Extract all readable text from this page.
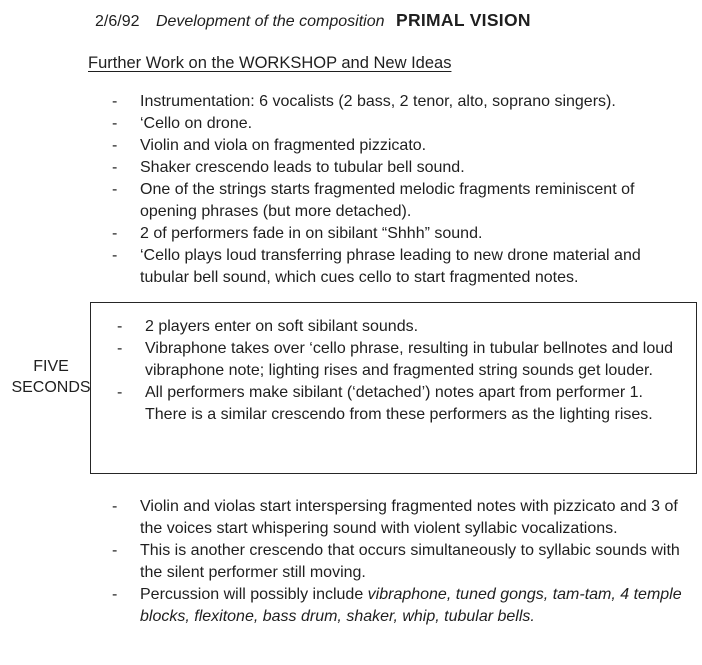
2/6/92 Development of the composition PRIMAL VISION
Further Work on the WORKSHOP and New Ideas
-	Instrumentation: 6 vocalists (2 bass, 2 tenor, alto, soprano singers).
-	‘Cello on drone.
-	Violin and viola on fragmented pizzicato.
-	Shaker crescendo leads to tubular bell sound.
-	One of the strings starts fragmented melodic fragments reminiscent of opening phrases (but more detached).
-	2 of performers fade in on sibilant “Shhh” sound.
-	‘Cello plays loud transferring phrase leading to new drone material and tubular bell sound, which cues cello to start fragmented notes.
-	2 players enter on soft sibilant sounds.
-	Vibraphone takes over ‘cello phrase, resulting in tubular bellnotes and loud vibraphone note; lighting rises and fragmented string sounds get louder.
-	All performers make sibilant (‘detached’) notes apart from performer 1.  There is a similar crescendo from these performers as the lighting rises.
FIVE
SECONDS
-	Violin and violas start interspersing fragmented notes with pizzicato and 3 of the voices start whispering sound with violent syllabic vocalizations.
-	This is another crescendo that occurs simultaneously to syllabic sounds with the silent performer still moving.
-	Percussion will possibly include vibraphone, tuned gongs, tam-tam, 4 temple blocks, flexitone, bass drum, shaker, whip, tubular bells.
